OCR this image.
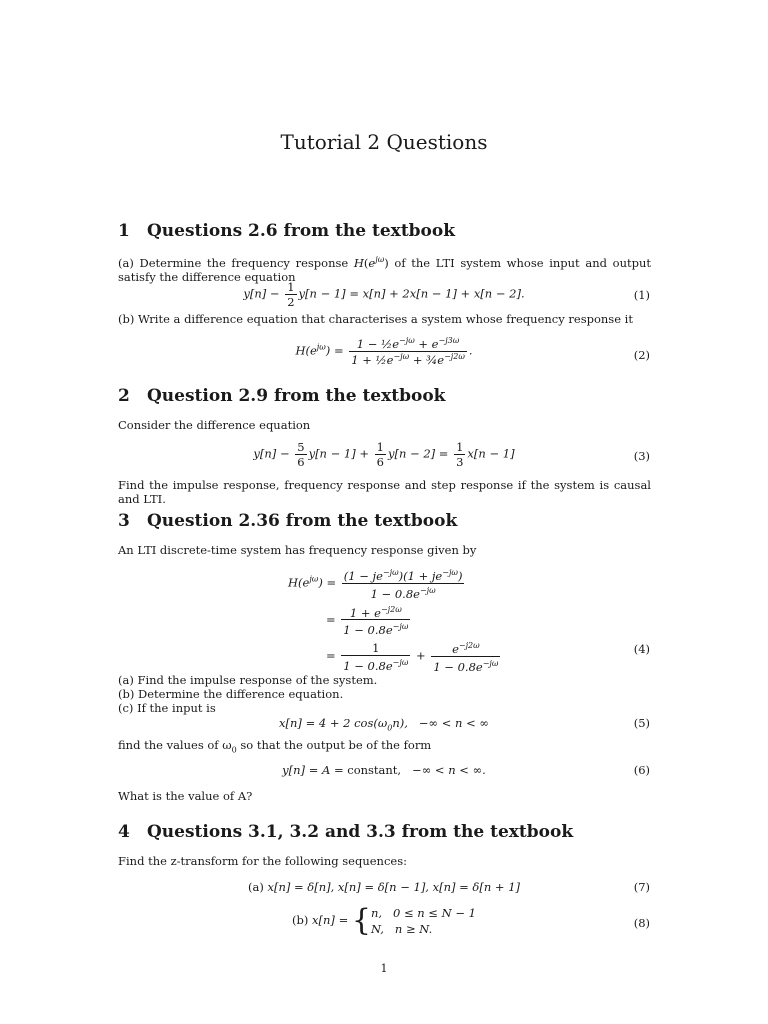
Tutorial 2 Questions
1 Questions 2.6 from the textbook
(a) Determine the frequency response $H(e^{j\omega})$ of the LTI system whose input and output satisfy the difference equation
$y[n] - \frac{1}{2} y[n - 1] = x[n] + 2x[n - 1] + x[n - 2]$.	(1)
(b) Write a difference equation that characterises a system whose frequency response it
$H(e^{j\omega}) = \frac{1 - \frac{1}{2}e^{-j\omega} + e^{-j3\omega}}{1 + \frac{1}{2}e^{-j\omega} + \frac{3}{4}e^{-j2\omega}}$ .	(2)
2 Question 2.9 from the textbook
Consider the difference equation
$y[n] - \frac{5}{6} y[n - 1] + \frac{1}{6} y[n - 2] = \frac{1}{3} x[n - 1]$	(3)
Find the impulse response, frequency response and step response if the system is causal and LTI.
3 Question 2.36 from the textbook
An LTI discrete-time system has frequency response given by
$H(e^{j\omega}) = \frac{(1 - je^{-j\omega})(1 + je^{-j\omega})}{1 - 0.8e^{-j\omega}}$
= $\frac{1 + e^{-j2\omega}}{1 - 0.8e^{-j\omega}}$
= $\frac{1}{1 - 0.8e^{-j\omega}} + \frac{e^{-j2\omega}}{1 - 0.8e^{-j\omega}}$	(4)
(a) Find the impulse response of the system.
(b) Determine the difference equation.
(c) If the input is
x[n] = 4 + 2 $\cos(\omega_0n)$,   −∞ < n < ∞	(5)
find the values of $\omega_0$ so that the output be of the form
y[n] = A = constant,   −∞ < n < ∞.	(6)
What is the value of A?
4 Questions 3.1, 3.2 and 3.3 from the textbook
Find the z-transform for the following sequences:
(a) x[n] = δ[n], x[n] = δ[n − 1], x[n] = δ[n + 1]	(7)
(b) x[n] = {n,   0 ≤ n ≤ N − 1
N,   n ≥ N.	(8)
1
